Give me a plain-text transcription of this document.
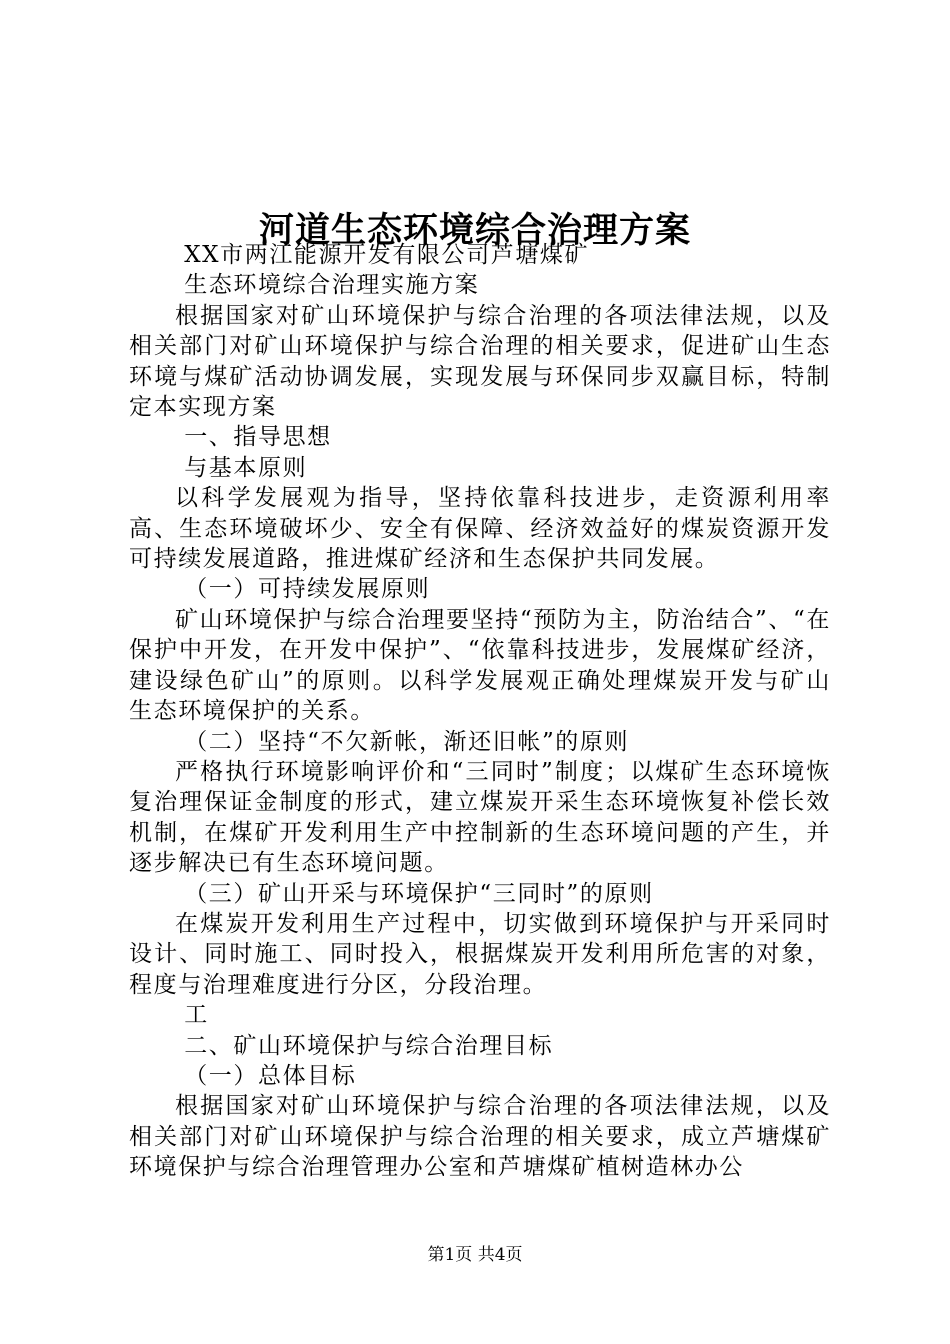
河道生态环境综合治理方案

XX市两江能源开发有限公司芦塘煤矿

生态环境综合治理实施方案

根据国家对矿山环境保护与综合治理的各项法律法规，以及相关部门对矿山环境保护与综合治理的相关要求，促进矿山生态环境与煤矿活动协调发展，实现发展与环保同步双赢目标，特制定本实现方案

一、指导思想

与基本原则

以科学发展观为指导，坚持依靠科技进步，走资源利用率高、生态环境破坏少、安全有保障、经济效益好的煤炭资源开发可持续发展道路，推进煤矿经济和生态保护共同发展。

（一）可持续发展原则

矿山环境保护与综合治理要坚持“预防为主，防治结合”、“在保护中开发，在开发中保护”、“依靠科技进步，发展煤矿经济，建设绿色矿山”的原则。以科学发展观正确处理煤炭开发与矿山生态环境保护的关系。

（二）坚持“不欠新帐，渐还旧帐”的原则

严格执行环境影响评价和“三同时”制度；以煤矿生态环境恢复治理保证金制度的形式，建立煤炭开采生态环境恢复补偿长效机制，在煤矿开发利用生产中控制新的生态环境问题的产生，并逐步解决已有生态环境问题。

（三）矿山开采与环境保护“三同时”的原则

在煤炭开发利用生产过程中，切实做到环境保护与开采同时设计、同时施工、同时投入，根据煤炭开发利用所危害的对象，程度与治理难度进行分区，分段治理。

工

二、矿山环境保护与综合治理目标

（一）总体目标

根据国家对矿山环境保护与综合治理的各项法律法规，以及相关部门对矿山环境保护与综合治理的相关要求，成立芦塘煤矿环境保护与综合治理管理办公室和芦塘煤矿植树造林办公

第1页 共4页
